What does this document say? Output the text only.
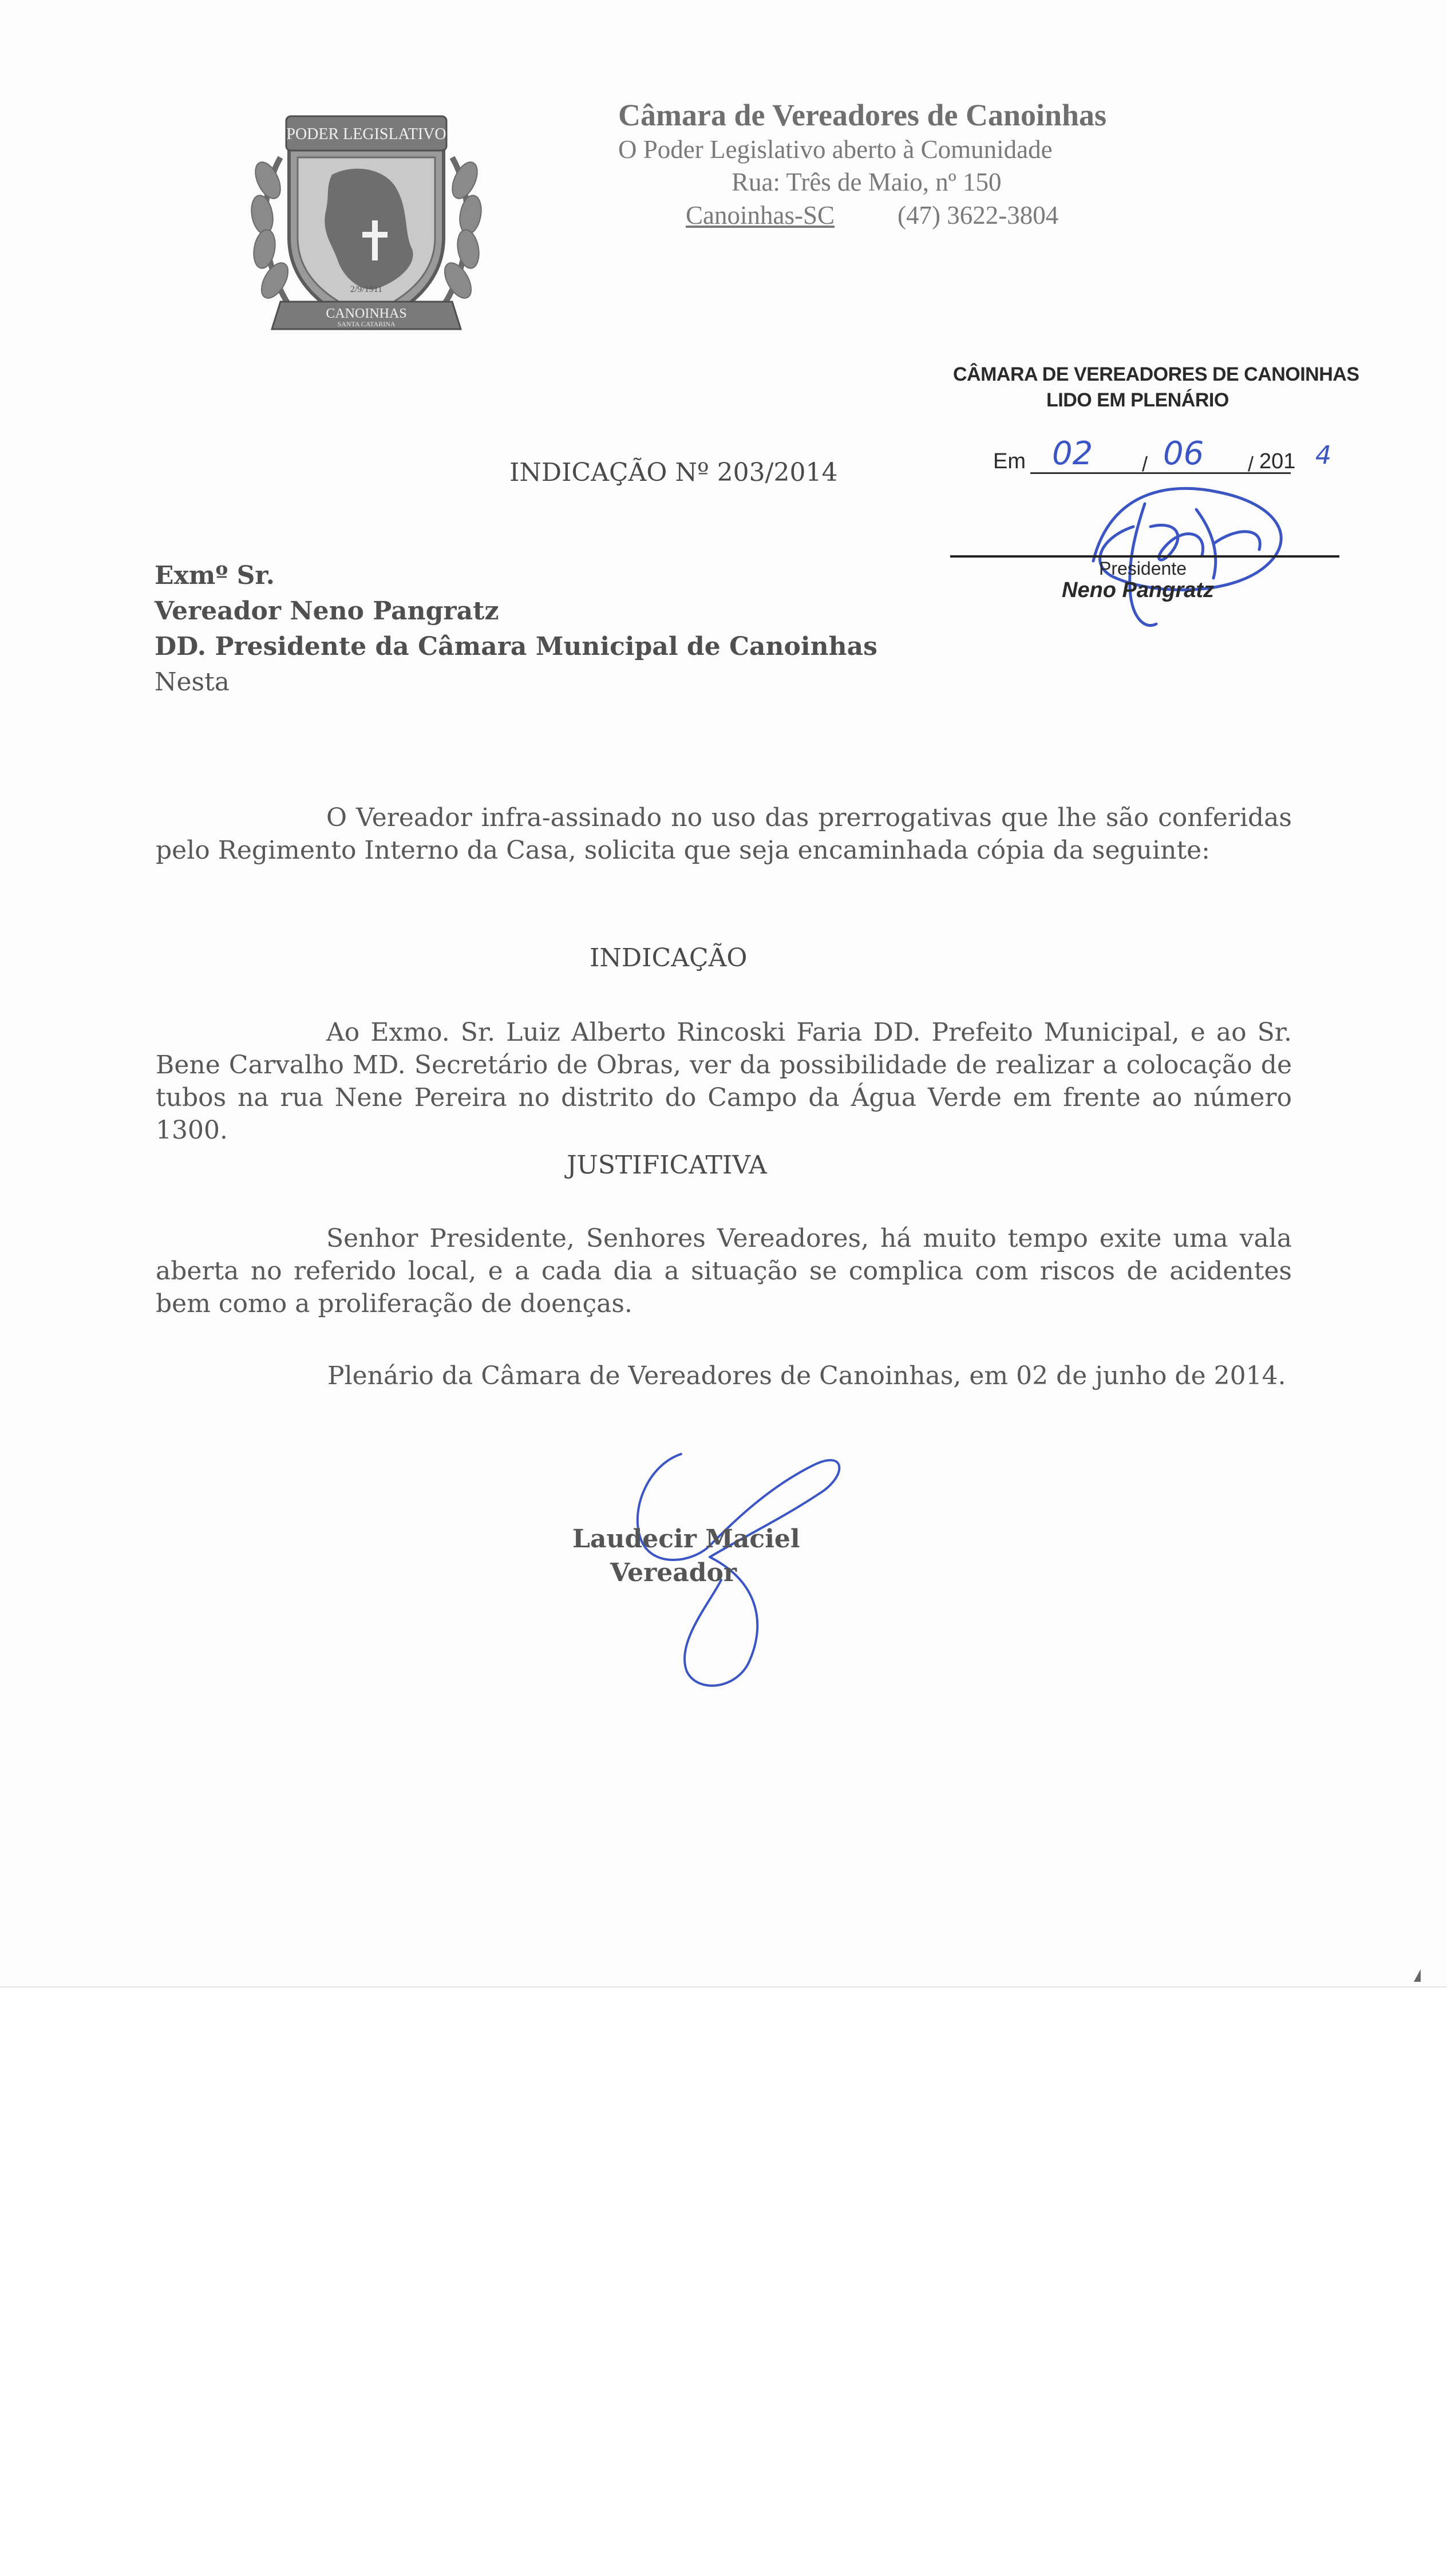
PODER LEGISLATIVO
2/9/1911
CANOINHAS
SANTA CATARINA
Câmara de Vereadores de Canoinhas
O Poder Legislativo aberto à Comunidade
Rua: Três de Maio, nº 150
Canoinhas-SC (47) 3622-3804
CÂMARA DE VEREADORES DE CANOINHAS
LIDO EM PLENÁRIO
Em 02 / 06 / 201 4
Presidente
Neno Pangratz
INDICAÇÃO Nº 203/2014
Exmº Sr.
Vereador Neno Pangratz
DD. Presidente da Câmara Municipal de Canoinhas
Nesta
O Vereador infra-assinado no uso das prerrogativas que lhe são conferidas pelo Regimento Interno da Casa, solicita que seja encaminhada cópia da seguinte:
INDICAÇÃO
Ao Exmo. Sr. Luiz Alberto Rincoski Faria DD. Prefeito Municipal, e ao Sr. Bene Carvalho MD. Secretário de Obras, ver da possibilidade de realizar a colocação de tubos na rua Nene Pereira no distrito do Campo da Água Verde em frente ao número 1300.
JUSTIFICATIVA
Senhor Presidente, Senhores Vereadores, há muito tempo exite uma vala aberta no referido local, e a cada dia a situação se complica com riscos de acidentes bem como a proliferação de doenças.
Plenário da Câmara de Vereadores de Canoinhas, em 02 de junho de 2014.
Laudecir Maciel
Vereador
